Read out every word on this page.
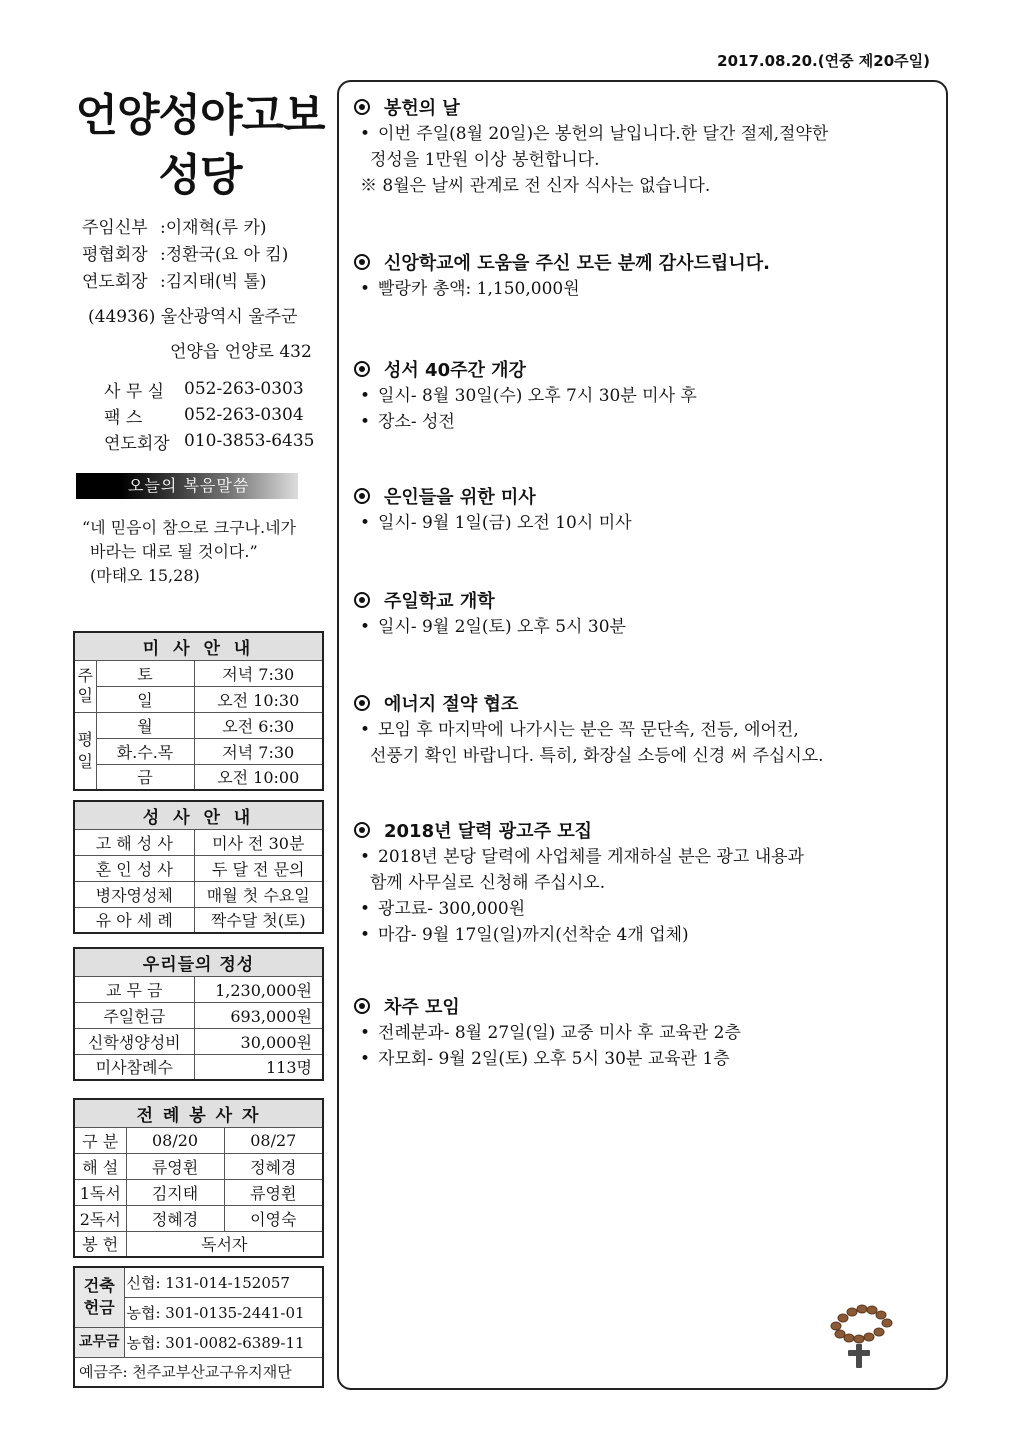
2017.08.20.(연중 제20주일)
언양성야고보
성당
주임신부 :이재혁(루 카)
평협회장 :정환국(요 아 킴)
연도회장 :김지태(빅 톨)
(44936) 울산광역시 울주군
언양읍 언양로 432
사 무 실	052-263-0303
팩 스	052-263-0304
연도회장 010-3853-6435
오늘의 복음말씀
“네 믿음이 참으로 크구나.네가
바라는 대로 될 것이다.”
(마태오 15,28)
미 사 안 내		
주일	토	저녁 7:30
	일	오전 10:30
평일	월	오전 6:30
	화.수.목	저녁 7:30
	금	오전 10:00
성 사 안 내	
고 해 성 사	미사 전 30분
혼 인 성 사	두 달 전 문의
병자영성체	매월 첫 수요일
유 아 세 례	짝수달 첫(토)
우리들의 정성	
교 무 금	1,230,000원
주일헌금	693,000원
신학생양성비	30,000원
미사참례수	113명
전 례 봉 사 자		
구 분	08/20	08/27
해 설	류영휜	정혜경
1독서	김지태	류영휜
2독서	정혜경	이영숙
봉 헌	독서자	
건축
헌금	신협: 131-014-152057
	농협: 301-0135-2441-01
교무금	농협: 301-0082-6389-11
예금주: 천주교부산교구유지재단	
봉헌의 날
• 이번 주일(8월 20일)은 봉헌의 날입니다.한 달간 절제,절약한
정성을 1만원 이상 봉헌합니다.
※ 8월은 날씨 관계로 전 신자 식사는 없습니다.
신앙학교에 도움을 주신 모든 분께 감사드립니다.
• 빨랑카 총액: 1,150,000원
성서 40주간 개강
• 일시- 8월 30일(수) 오후 7시 30분 미사 후
• 장소- 성전
은인들을 위한 미사
• 일시- 9월 1일(금) 오전 10시 미사
주일학교 개학
• 일시- 9월 2일(토) 오후 5시 30분
에너지 절약 협조
• 모임 후 마지막에 나가시는 분은 꼭 문단속, 전등, 에어컨,
선풍기 확인 바랍니다. 특히, 화장실 소등에 신경 써 주십시오.
2018년 달력 광고주 모집
• 2018년 본당 달력에 사업체를 게재하실 분은 광고 내용과
함께 사무실로 신청해 주십시오.
• 광고료- 300,000원
• 마감- 9월 17일(일)까지(선착순 4개 업체)
차주 모임
• 전례분과- 8월 27일(일) 교중 미사 후 교육관 2층
• 자모회- 9월 2일(토) 오후 5시 30분 교육관 1층
